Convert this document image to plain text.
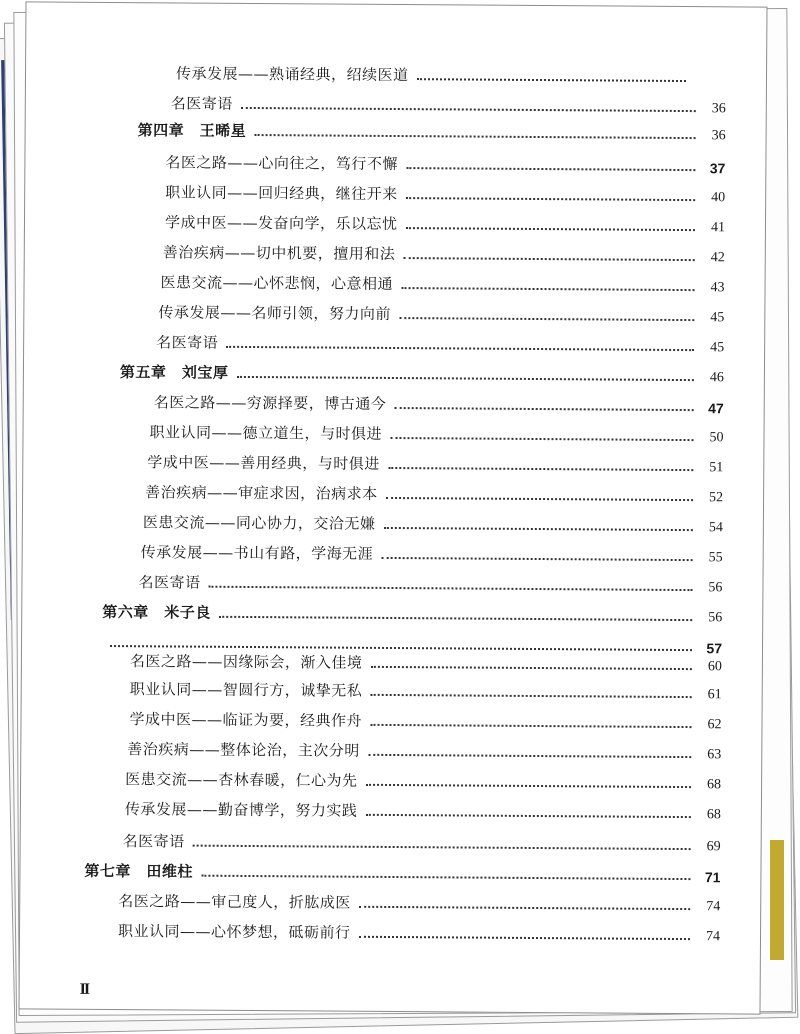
传承发展——熟诵经典，绍续医道
名医寄语	36
第四章　王晞星	36
名医之路——心向往之，笃行不懈	37
职业认同——回归经典，继往开来	40
学成中医——发奋向学，乐以忘忧	41
善治疾病——切中机要，擅用和法	42
医患交流——心怀悲悯，心意相通	43
传承发展——名师引领，努力向前	45
名医寄语	45
第五章　刘宝厚	46
名医之路——穷源择要，博古通今	47
职业认同——德立道生，与时俱进	50
学成中医——善用经典，与时俱进	51
善治疾病——审症求因，治病求本	52
医患交流——同心协力，交洽无嫌	54
传承发展——书山有路，学海无涯	55
名医寄语	56
第六章　米子良	56
57
名医之路——因缘际会，渐入佳境	60
职业认同——智圆行方，诚挚无私	61
学成中医——临证为要，经典作舟	62
善治疾病——整体论治，主次分明	63
医患交流——杏林春暖，仁心为先	68
传承发展——勤奋博学，努力实践	68
名医寄语	69
第七章　田维柱	71
名医之路——审己度人，折肱成医	74
职业认同——心怀梦想，砥砺前行	74
II
